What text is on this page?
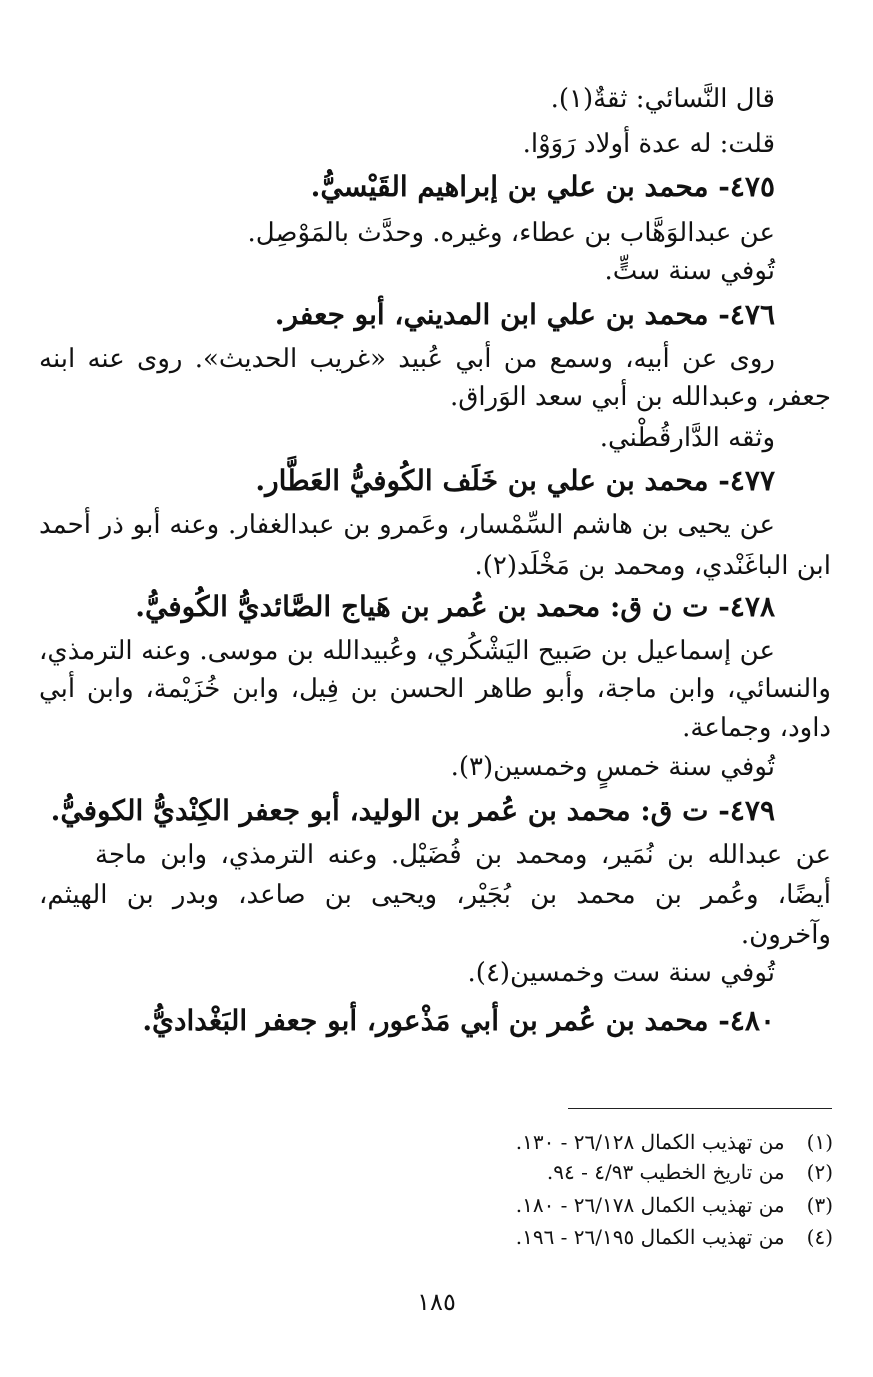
قال النَّسائي: ثقةٌ(١).
قلت: له عدة أولاد رَوَوْا.
٤٧٥- محمد بن علي بن إبراهيم القَيْسيُّ.
عن عبدالوَهَّاب بن عطاء، وغيره. وحدَّث بالمَوْصِل.
تُوفي سنة ستٍّ.
٤٧٦- محمد بن علي ابن المديني، أبو جعفر.
روى عن أبيه، وسمع من أبي عُبيد «غريب الحديث». روى عنه ابنه
جعفر، وعبدالله بن أبي سعد الوَراق.
وثقه الدَّارقُطْني.
٤٧٧- محمد بن علي بن خَلَف الكُوفيُّ العَطَّار.
عن يحيى بن هاشم السِّمْسار، وعَمرو بن عبدالغفار. وعنه أبو ذر أحمد
ابن الباغَنْدي، ومحمد بن مَخْلَد(٢).
٤٧٨- ت ن ق: محمد بن عُمر بن هَياج الصَّائديُّ الكُوفيُّ.
عن إسماعيل بن صَبيح اليَشْكُري، وعُبيدالله بن موسى. وعنه الترمذي،
والنسائي، وابن ماجة، وأبو طاهر الحسن بن فِيل، وابن خُزَيْمة، وابن أبي
داود، وجماعة.
تُوفي سنة خمسٍ وخمسين(٣).
٤٧٩- ت ق: محمد بن عُمر بن الوليد، أبو جعفر الكِنْديُّ الكوفيُّ.
عن عبدالله بن نُمَير، ومحمد بن فُضَيْل. وعنه الترمذي، وابن ماجة
أيضًا، وعُمر بن محمد بن بُجَيْر، ويحيى بن صاعد، وبدر بن الهيثم،
وآخرون.
تُوفي سنة ست وخمسين(٤).
٤٨٠- محمد بن عُمر بن أبي مَذْعور، أبو جعفر البَغْداديُّ.
(١) من تهذيب الكمال ٢٦/١٢٨ - ١٣٠.
(٢) من تاريخ الخطيب ٤/٩٣ - ٩٤.
(٣) من تهذيب الكمال ٢٦/١٧٨ - ١٨٠.
(٤) من تهذيب الكمال ٢٦/١٩٥ - ١٩٦.
١٨٥
